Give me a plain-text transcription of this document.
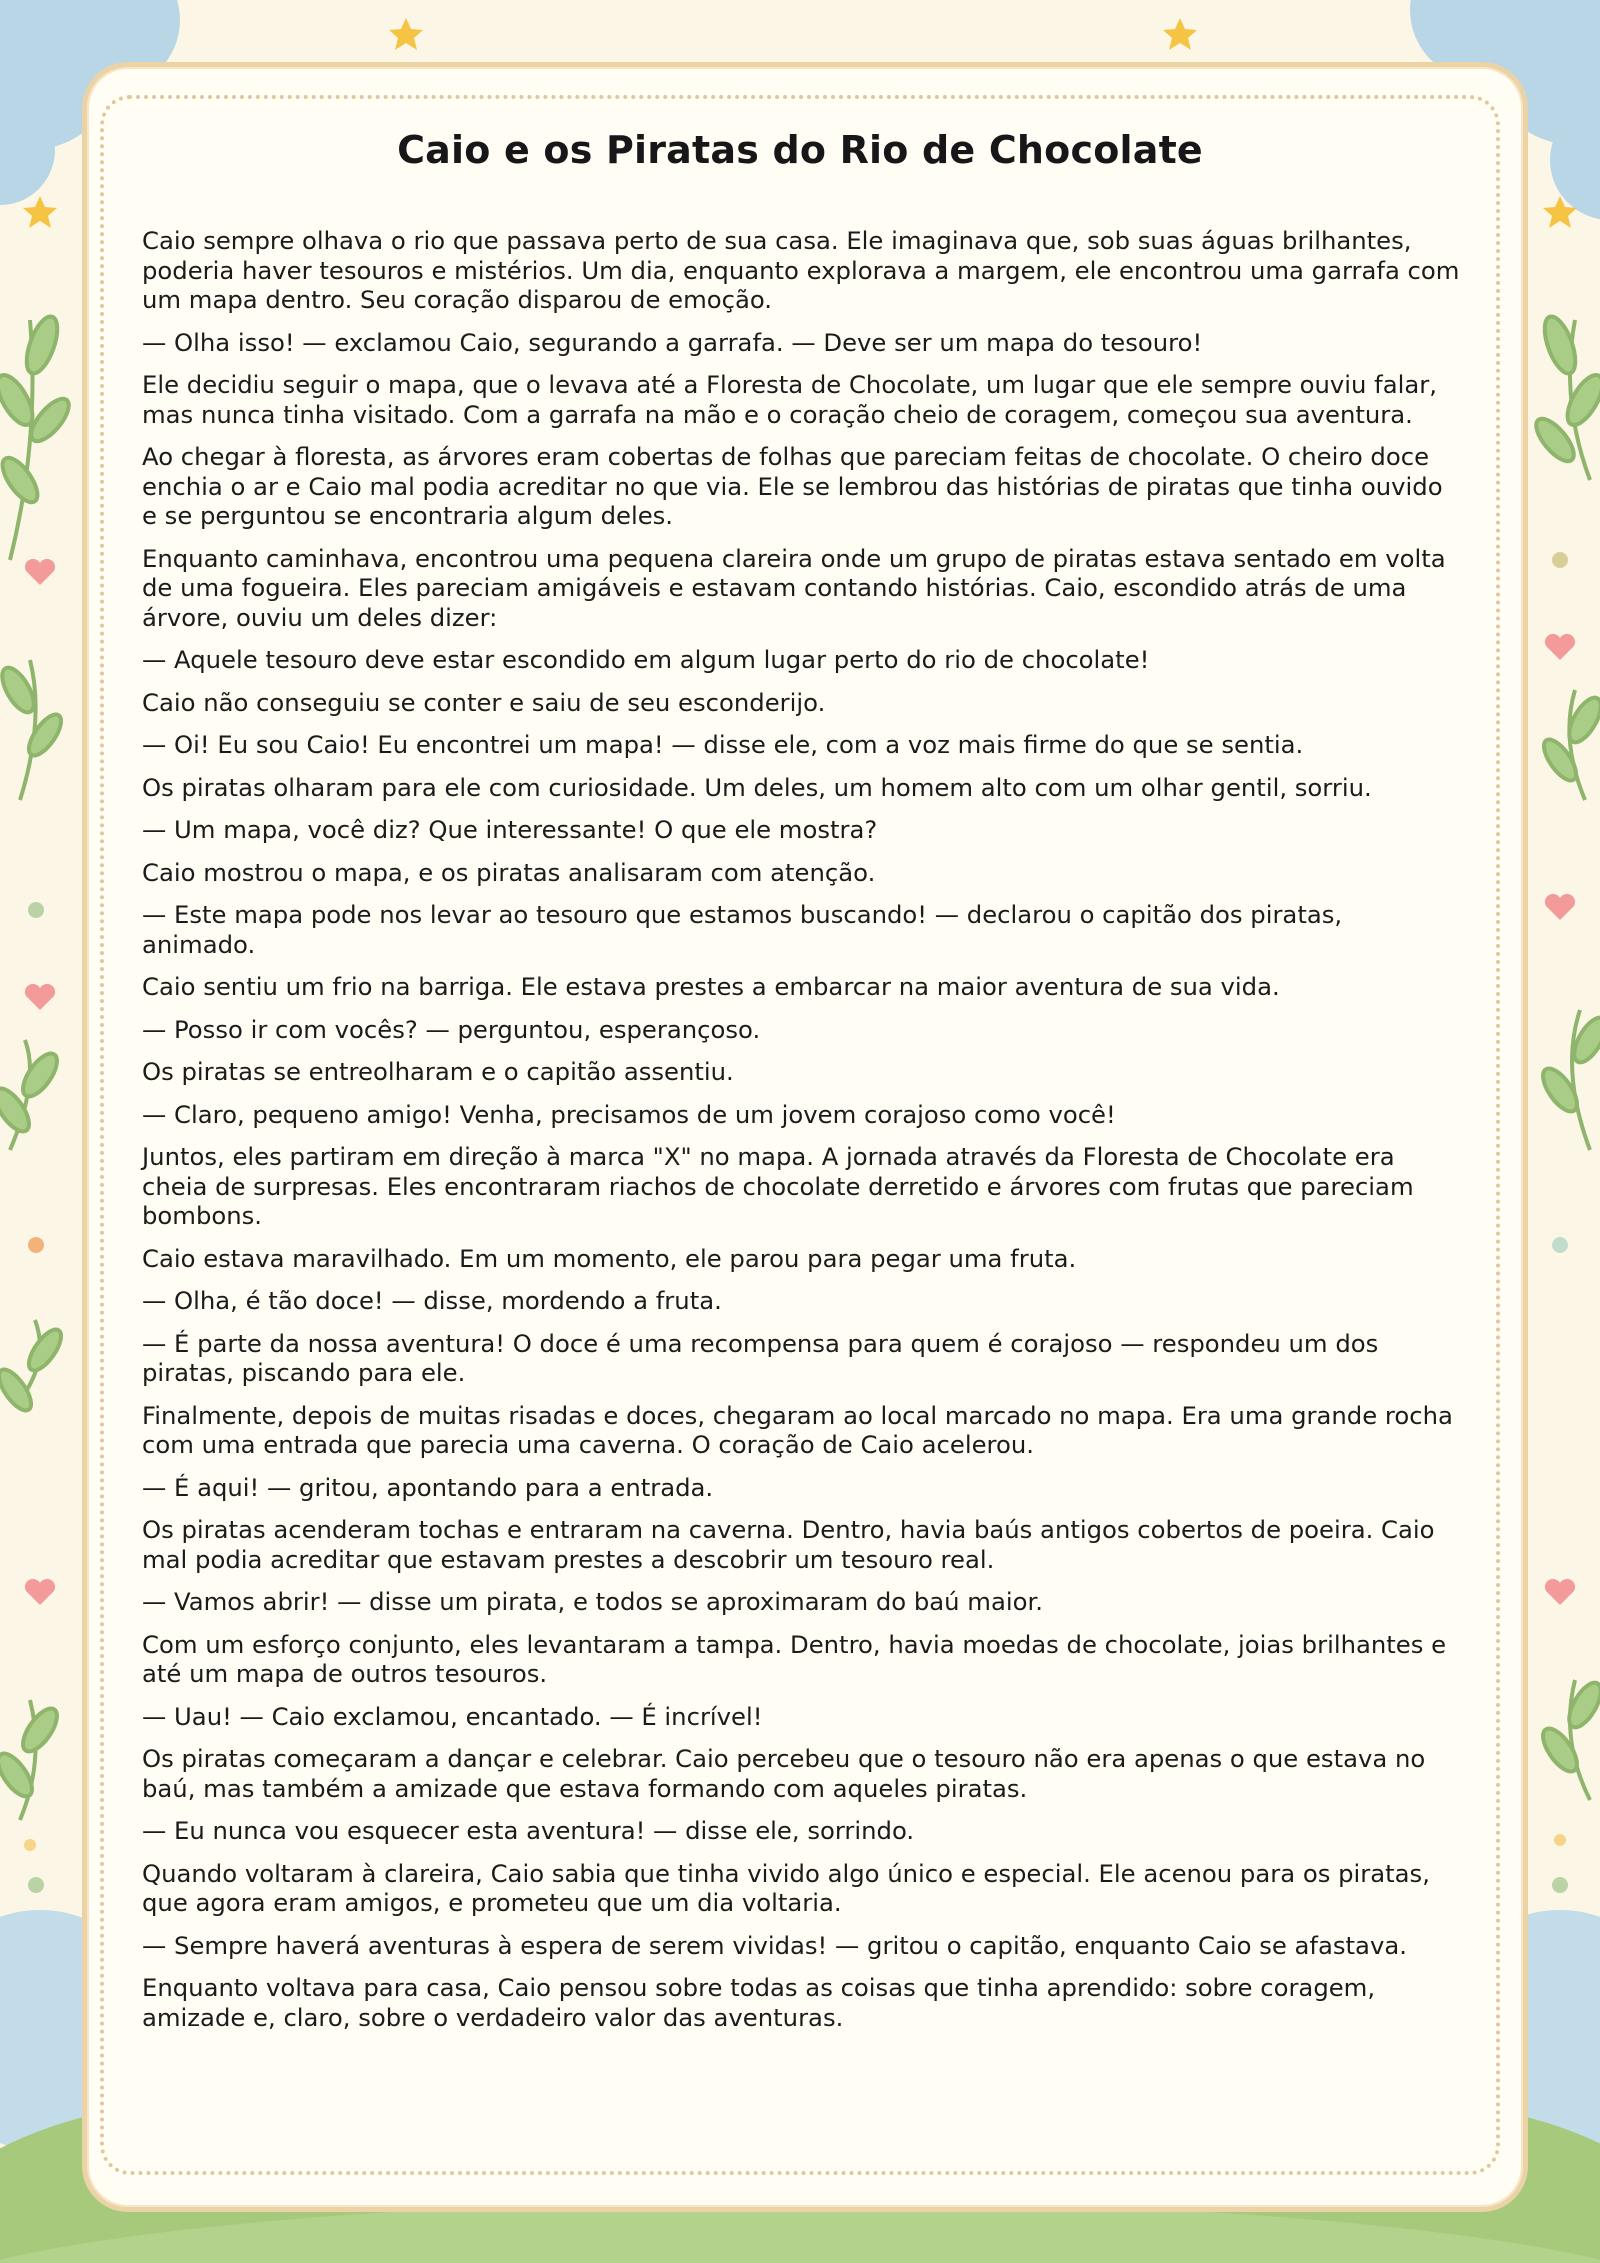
Caio e os Piratas do Rio de Chocolate

Caio sempre olhava o rio que passava perto de sua casa. Ele imaginava que, sob suas águas brilhantes, poderia haver tesouros e mistérios. Um dia, enquanto explorava a margem, ele encontrou uma garrafa com um mapa dentro. Seu coração disparou de emoção.

— Olha isso! — exclamou Caio, segurando a garrafa. — Deve ser um mapa do tesouro!

Ele decidiu seguir o mapa, que o levava até a Floresta de Chocolate, um lugar que ele sempre ouviu falar, mas nunca tinha visitado. Com a garrafa na mão e o coração cheio de coragem, começou sua aventura.

Ao chegar à floresta, as árvores eram cobertas de folhas que pareciam feitas de chocolate. O cheiro doce enchia o ar e Caio mal podia acreditar no que via. Ele se lembrou das histórias de piratas que tinha ouvido e se perguntou se encontraria algum deles.

Enquanto caminhava, encontrou uma pequena clareira onde um grupo de piratas estava sentado em volta de uma fogueira. Eles pareciam amigáveis e estavam contando histórias. Caio, escondido atrás de uma árvore, ouviu um deles dizer:

— Aquele tesouro deve estar escondido em algum lugar perto do rio de chocolate!

Caio não conseguiu se conter e saiu de seu esconderijo.

— Oi! Eu sou Caio! Eu encontrei um mapa! — disse ele, com a voz mais firme do que se sentia.

Os piratas olharam para ele com curiosidade. Um deles, um homem alto com um olhar gentil, sorriu.

— Um mapa, você diz? Que interessante! O que ele mostra?

Caio mostrou o mapa, e os piratas analisaram com atenção.

— Este mapa pode nos levar ao tesouro que estamos buscando! — declarou o capitão dos piratas, animado.

Caio sentiu um frio na barriga. Ele estava prestes a embarcar na maior aventura de sua vida.

— Posso ir com vocês? — perguntou, esperançoso.

Os piratas se entreolharam e o capitão assentiu.

— Claro, pequeno amigo! Venha, precisamos de um jovem corajoso como você!

Juntos, eles partiram em direção à marca "X" no mapa. A jornada através da Floresta de Chocolate era cheia de surpresas. Eles encontraram riachos de chocolate derretido e árvores com frutas que pareciam bombons.

Caio estava maravilhado. Em um momento, ele parou para pegar uma fruta.

— Olha, é tão doce! — disse, mordendo a fruta.

— É parte da nossa aventura! O doce é uma recompensa para quem é corajoso — respondeu um dos piratas, piscando para ele.

Finalmente, depois de muitas risadas e doces, chegaram ao local marcado no mapa. Era uma grande rocha com uma entrada que parecia uma caverna. O coração de Caio acelerou.

— É aqui! — gritou, apontando para a entrada.

Os piratas acenderam tochas e entraram na caverna. Dentro, havia baús antigos cobertos de poeira. Caio mal podia acreditar que estavam prestes a descobrir um tesouro real.

— Vamos abrir! — disse um pirata, e todos se aproximaram do baú maior.

Com um esforço conjunto, eles levantaram a tampa. Dentro, havia moedas de chocolate, joias brilhantes e até um mapa de outros tesouros.

— Uau! — Caio exclamou, encantado. — É incrível!

Os piratas começaram a dançar e celebrar. Caio percebeu que o tesouro não era apenas o que estava no baú, mas também a amizade que estava formando com aqueles piratas.

— Eu nunca vou esquecer esta aventura! — disse ele, sorrindo.

Quando voltaram à clareira, Caio sabia que tinha vivido algo único e especial. Ele acenou para os piratas, que agora eram amigos, e prometeu que um dia voltaria.

— Sempre haverá aventuras à espera de serem vividas! — gritou o capitão, enquanto Caio se afastava.

Enquanto voltava para casa, Caio pensou sobre todas as coisas que tinha aprendido: sobre coragem, amizade e, claro, sobre o verdadeiro valor das aventuras.
